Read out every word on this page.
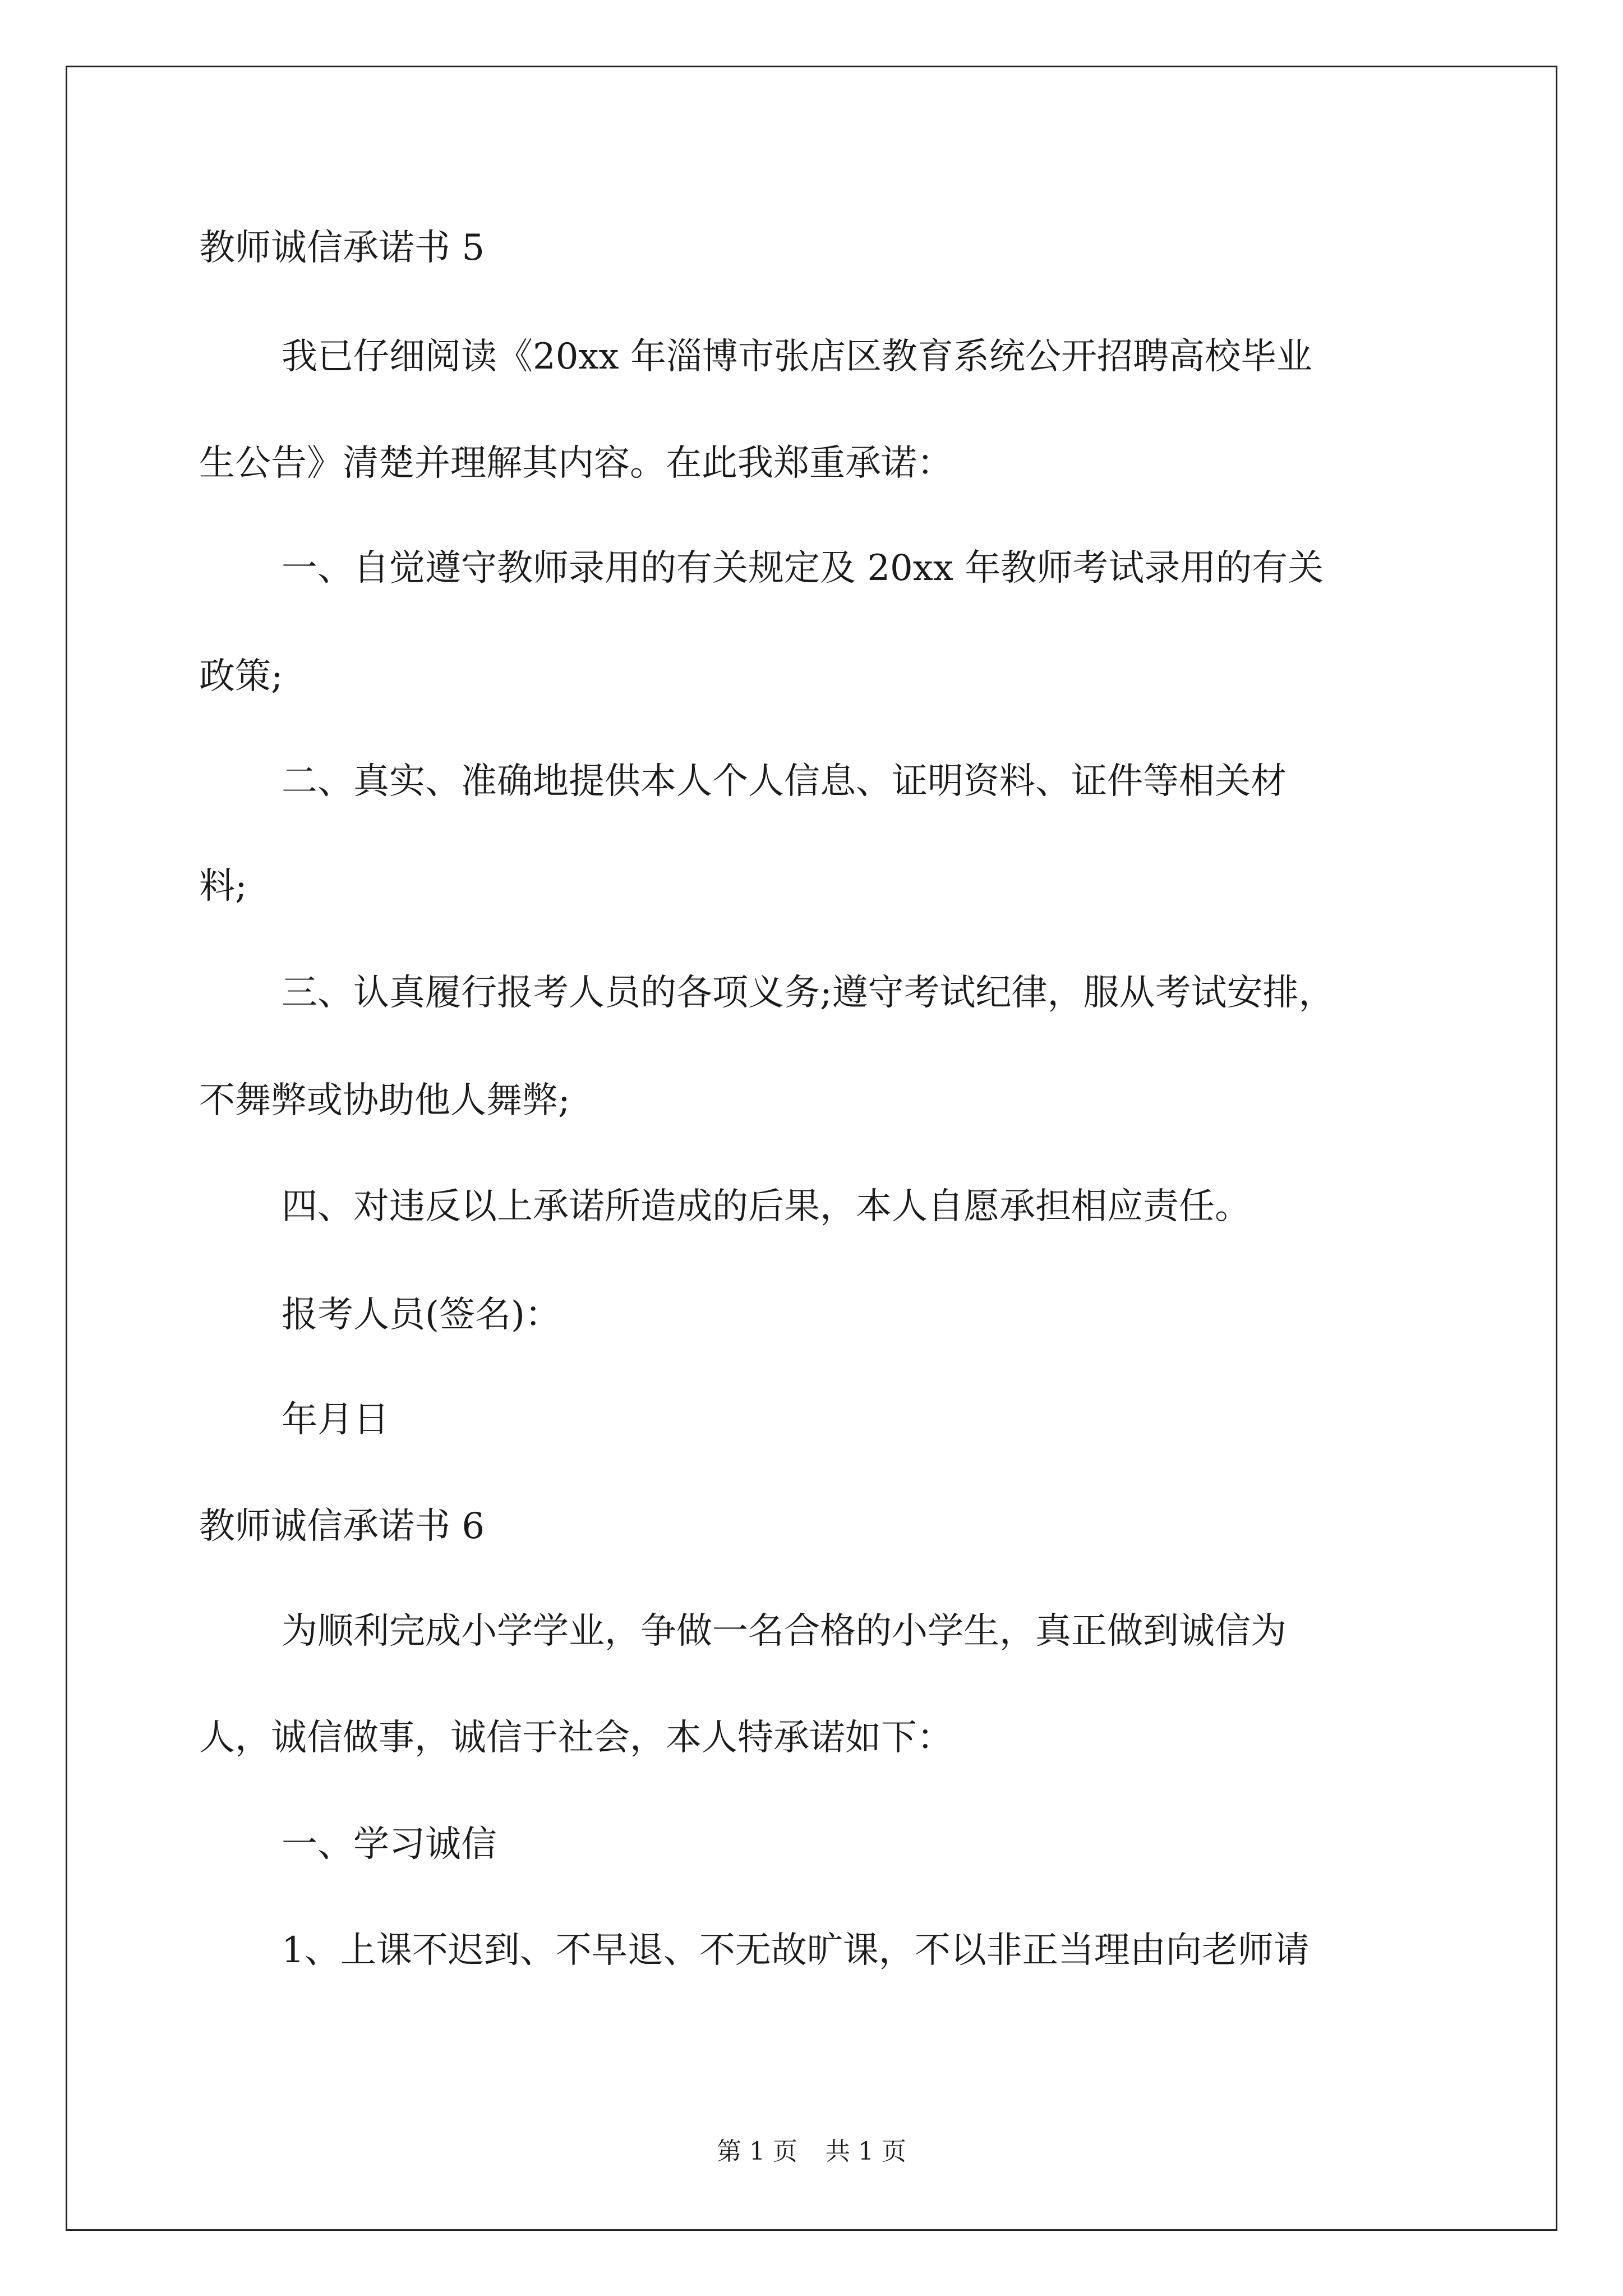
教师诚信承诺书 5
我已仔细阅读《20xx 年淄博市张店区教育系统公开招聘高校毕业
生公告》清楚并理解其内容。在此我郑重承诺：
一、自觉遵守教师录用的有关规定及 20xx 年教师考试录用的有关
政策;
二、真实、准确地提供本人个人信息、证明资料、证件等相关材
料;
三、认真履行报考人员的各项义务;遵守考试纪律，服从考试安排，
不舞弊或协助他人舞弊;
四、对违反以上承诺所造成的后果，本人自愿承担相应责任。
报考人员(签名)：
年月日
教师诚信承诺书 6
为顺利完成小学学业，争做一名合格的小学生，真正做到诚信为
人，诚信做事，诚信于社会，本人特承诺如下：
一、学习诚信
1、上课不迟到、不早退、不无故旷课，不以非正当理由向老师请
第 1 页 共 1 页
